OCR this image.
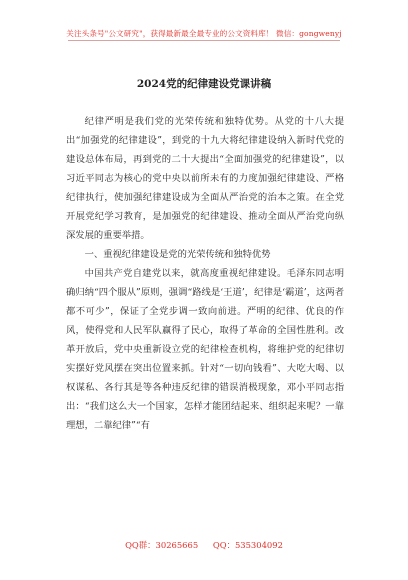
关注头条号"公文研究"，获得最新最全最专业的公文资料库！ 微信：gongwenyj
2024党的纪律建设党课讲稿

纪律严明是我们党的光荣传统和独特优势。从党的十八大提出“加强党的纪律建设”，到党的十九大将纪律建设纳入新时代党的建设总体布局，再到党的二十大提出“全面加强党的纪律建设”，以习近平同志为核心的党中央以前所未有的力度加强纪律建设、严格纪律执行，使加强纪律建设成为全面从严治党的治本之策。在全党开展党纪学习教育，是加强党的纪律建设、推动全面从严治党向纵深发展的重要举措。

一、重视纪律建设是党的光荣传统和独特优势

中国共产党自建党以来，就高度重视纪律建设。毛泽东同志明确归纳“四个服从”原则，强调“路线是‘王道’，纪律是‘霸道’，这两者都不可少”，保证了全党步调一致向前进。严明的纪律、优良的作风，使得党和人民军队赢得了民心，取得了革命的全国性胜利。改革开放后，党中央重新设立党的纪律检查机构，将维护党的纪律切实摆好党风摆在突出位置来抓。针对“一切向钱看”、大吃大喝、以权谋私、各行其是等各种违反纪律的错误消极现象，邓小平同志指出：“我们这么大一个国家，怎样才能团结起来、组织起来呢？一靠理想，二靠纪律”“有

QQ群：30265665 QQ：535304092
